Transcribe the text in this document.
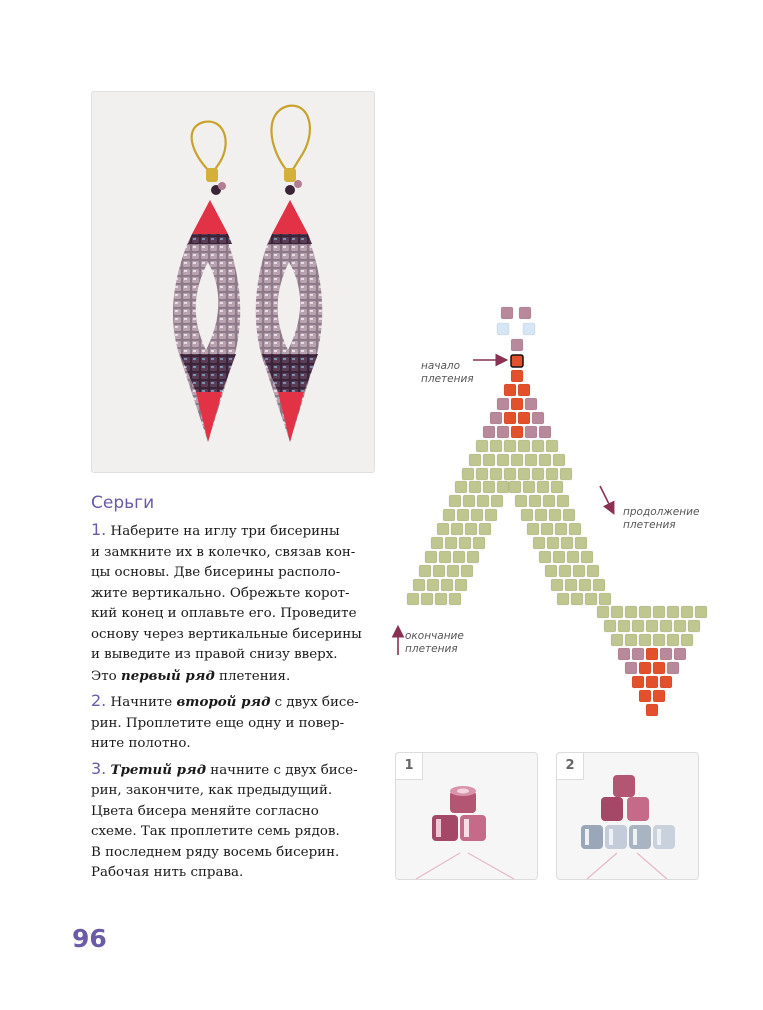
Серьги
1. Наберите на иглу три бисерины
и замкните их в колечко, связав кон-
цы основы. Две бисерины располо-
жите вертикально. Обрежьте корот-
кий конец и оплавьте его. Проведите
основу через вертикальные бисерины
и выведите из правой снизу вверх.
Это первый ряд плетения.
2. Начните второй ряд с двух бисе-
рин. Проплетите еще одну и повер-
ните полотно.
3. Третий ряд начните с двух бисе-
рин, закончите, как предыдущий.
Цвета бисера меняйте согласно
схеме. Так проплетите семь рядов.
В последнем ряду восемь бисерин.
Рабочая нить справа.
начало
плетения
продолжение
плетения
окончание
плетения
1	2
96
